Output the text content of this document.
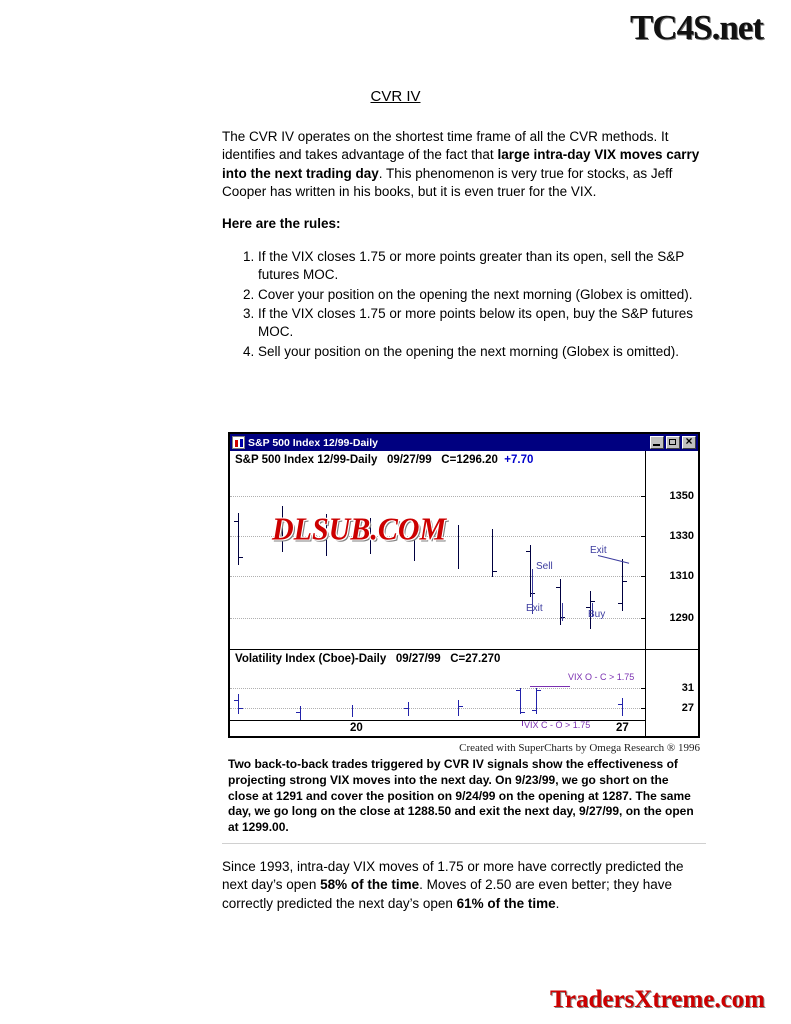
TC4S.net
CVR IV

The CVR IV operates on the shortest time frame of all the CVR methods. It identifies and takes advantage of the fact that large intra-day VIX moves carry into the next trading day. This phenomenon is very true for stocks, as Jeff Cooper has written in his books, but it is even truer for the VIX.

Here are the rules:

1. If the VIX closes 1.75 or more points greater than its open, sell the S&P futures MOC.
2. Cover your position on the opening the next morning (Globex is omitted).
3. If the VIX closes 1.75 or more points below its open, buy the S&P futures MOC.
4. Sell your position on the opening the next morning (Globex is omitted).
S&P 500 Index 12/99-Daily
×
S&P 500 Index 12/99-Daily 09/27/99 C=1296.20 +7.70
1350
1330
1310
1290
Sell
Exit
Buy
Exit
DLSUB.COM
Volatility Index (Cboe)-Daily 09/27/99 C=27.270
31
27
VIX O - C > 1.75
VIX C - O > 1.75
20	27
Created with SuperCharts by Omega Research ® 1996
Two back-to-back trades triggered by CVR IV signals show the effectiveness of projecting strong VIX moves into the next day. On 9/23/99, we go short on the close at 1291 and cover the position on 9/24/99 on the opening at 1287. The same day, we go long on the close at 1288.50 and exit the next day, 9/27/99, on the open at 1299.00.
Since 1993, intra-day VIX moves of 1.75 or more have correctly predicted the next day’s open 58% of the time. Moves of 2.50 are even better; they have correctly predicted the next day’s open 61% of the time.
TradersXtreme.com
